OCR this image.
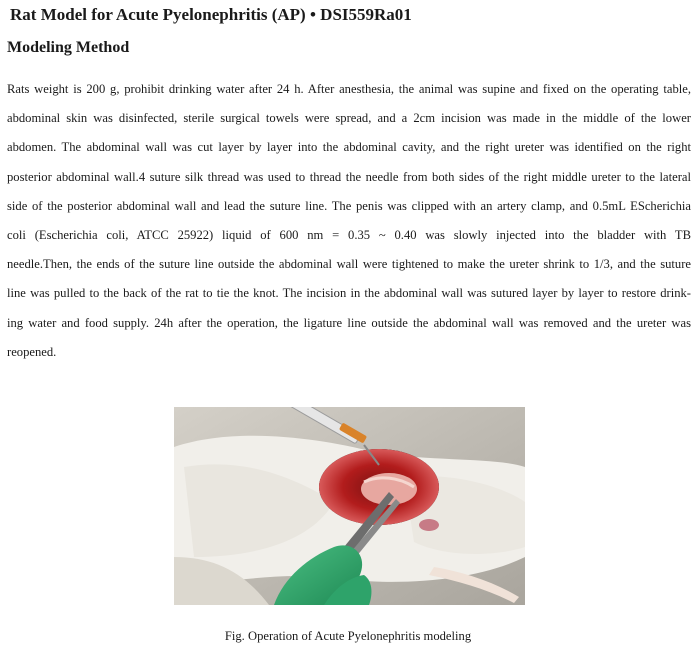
Rat Model for Acute Pyelonephritis (AP) • DSI559Ra01
Modeling Method

Rats weight is 200 g, prohibit drinking water after 24 h. After anesthesia, the animal was supine and fixed on the operating table,
abdominal skin was disinfected, sterile surgical towels were spread, and a 2cm incision was made in the middle of the lower
abdomen. The abdominal wall was cut layer by layer into the abdominal cavity, and the right ureter was identified on the right
posterior abdominal wall.4 suture silk thread was used to thread the needle from both sides of the right middle ureter to the lateral
side of the posterior abdominal wall and lead the suture line. The penis was clipped with an artery clamp, and 0.5mL EScherichia
coli (Escherichia coli, ATCC 25922) liquid of 600 nm = 0.35 ~ 0.40 was slowly injected into the bladder with TB
needle.Then, the ends of the suture line outside the abdominal wall were tightened to make the ureter shrink to 1/3, and the suture
line was pulled to the back of the rat to tie the knot. The incision in the abdominal wall was sutured layer by layer to restore drink-
ing water and food supply. 24h after the operation, the ligature line outside the abdominal wall was removed and the ureter was
reopened.

Fig. Operation of Acute Pyelonephritis modeling
